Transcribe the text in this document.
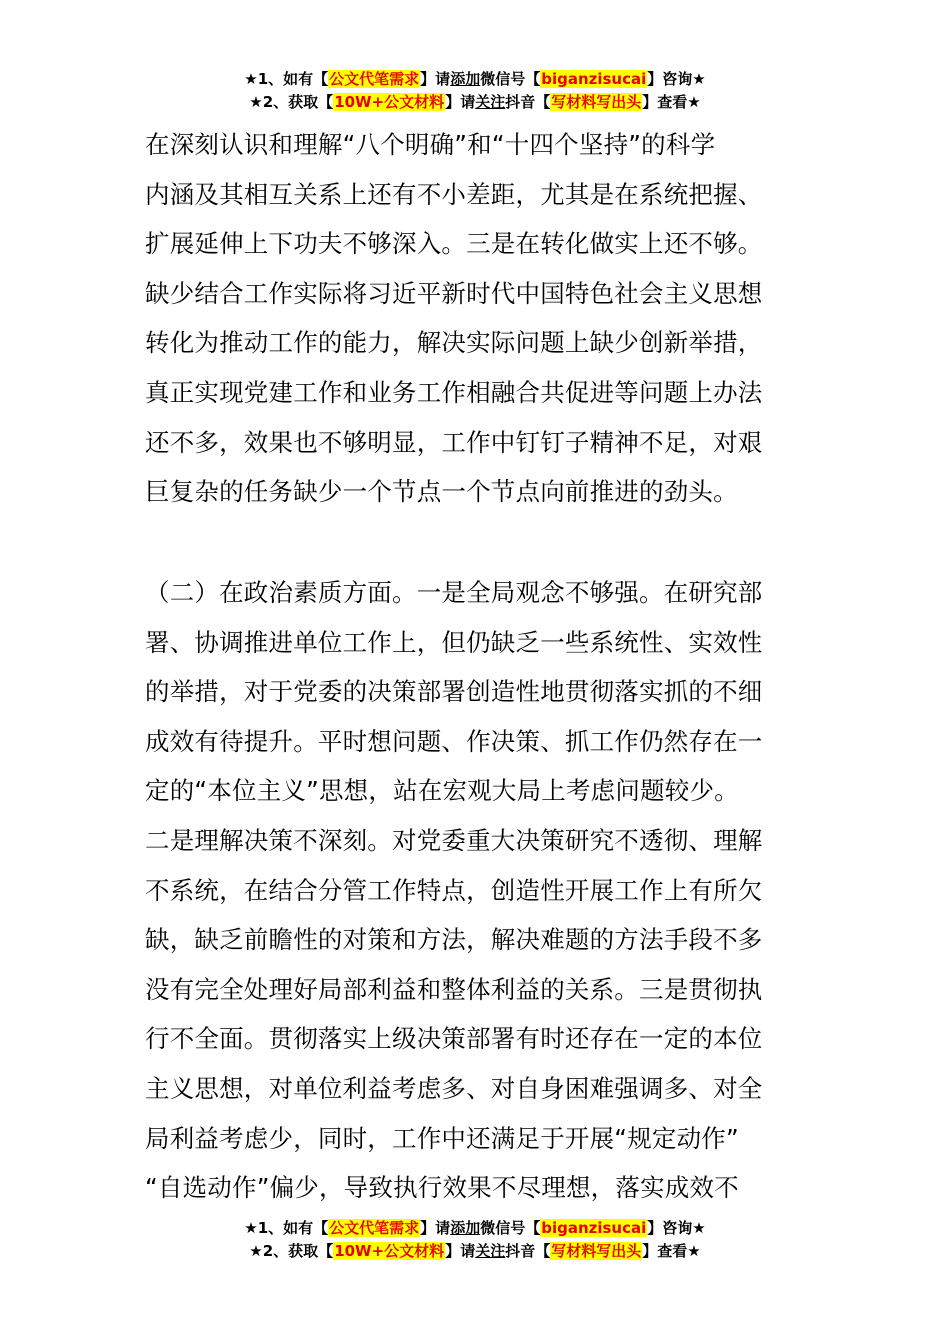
★1、如有【公文代笔需求】请添加微信号【biganzisucai】咨询★
★2、获取【10W+公文材料】请关注抖音【写材料写出头】查看★
在深刻认识和理解“八个明确”和“十四个坚持”的科学
内涵及其相互关系上还有不小差距，尤其是在系统把握、
扩展延伸上下功夫不够深入。三是在转化做实上还不够。
缺少结合工作实际将习近平新时代中国特色社会主义思想
转化为推动工作的能力，解决实际问题上缺少创新举措，
真正实现党建工作和业务工作相融合共促进等问题上办法
还不多，效果也不够明显，工作中钉钉子精神不足，对艰
巨复杂的任务缺少一个节点一个节点向前推进的劲头。
（二）在政治素质方面。一是全局观念不够强。在研究部
署、协调推进单位工作上，但仍缺乏一些系统性、实效性
的举措，对于党委的决策部署创造性地贯彻落实抓的不细
成效有待提升。平时想问题、作决策、抓工作仍然存在一
定的“本位主义”思想，站在宏观大局上考虑问题较少。
二是理解决策不深刻。对党委重大决策研究不透彻、理解
不系统，在结合分管工作特点，创造性开展工作上有所欠
缺，缺乏前瞻性的对策和方法，解决难题的方法手段不多
没有完全处理好局部利益和整体利益的关系。三是贯彻执
行不全面。贯彻落实上级决策部署有时还存在一定的本位
主义思想，对单位利益考虑多、对自身困难强调多、对全
局利益考虑少，同时，工作中还满足于开展“规定动作”
“自选动作”偏少，导致执行效果不尽理想，落实成效不
★1、如有【公文代笔需求】请添加微信号【biganzisucai】咨询★
★2、获取【10W+公文材料】请关注抖音【写材料写出头】查看★
